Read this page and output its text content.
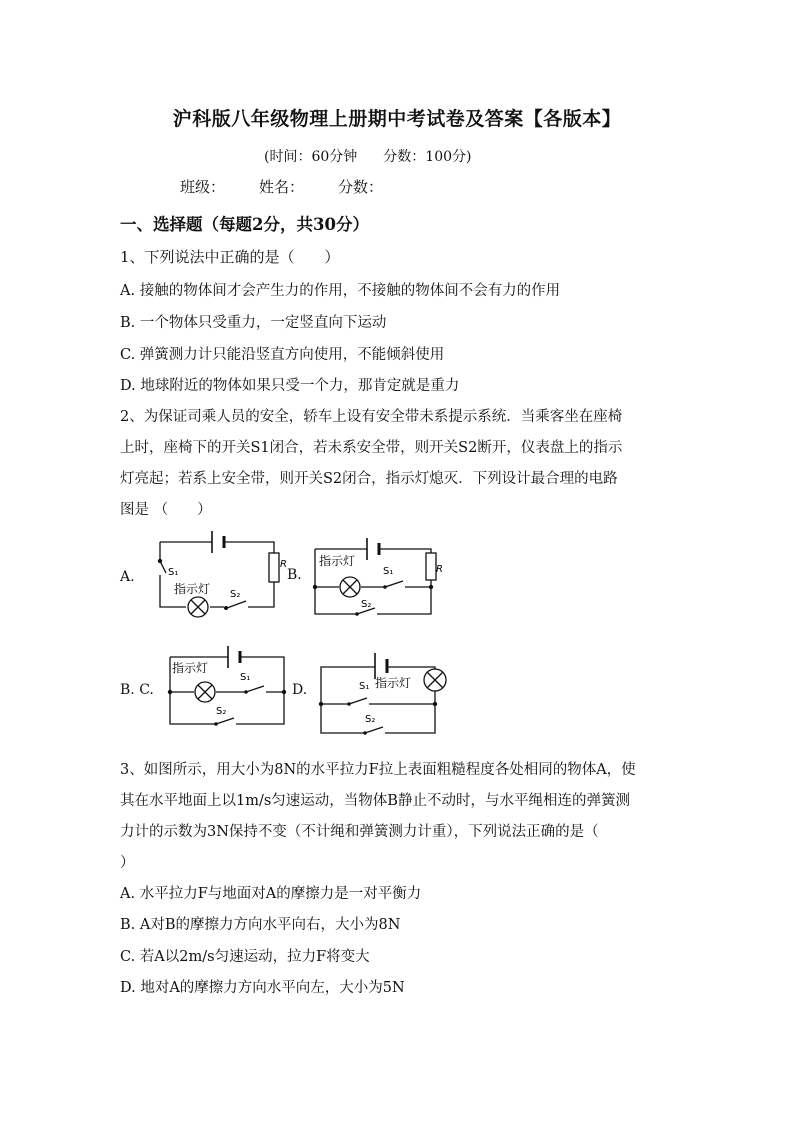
沪科版八年级物理上册期中考试卷及答案【各版本】
(时间：60分钟 分数：100分)
班级： 姓名： 分数：
一、选择题（每题2分，共30分）
1、下列说法中正确的是（　　）
A. 接触的物体间才会产生力的作用，不接触的物体间不会有力的作用
B. 一个物体只受重力，一定竖直向下运动
C. 弹簧测力计只能沿竖直方向使用，不能倾斜使用
D. 地球附近的物体如果只受一个力，那肯定就是重力
2、为保证司乘人员的安全，轿车上设有安全带未系提示系统．当乘客坐在座椅
上时，座椅下的开关S1闭合，若未系安全带，则开关S2断开，仪表盘上的指示
灯亮起；若系上安全带，则开关S2闭合，指示灯熄灭．下列设计最合理的电路
图是 （　　）
A.	B.
B. C.	D.
S₁
R
指示灯 S₂
指示灯
S₁
S₂
R
指示灯
S₁
S₂
S₁ 指示灯
S₂
3、如图所示，用大小为8N的水平拉力F拉上表面粗糙程度各处相同的物体A，使
其在水平地面上以1m/s匀速运动，当物体B静止不动时，与水平绳相连的弹簧测
力计的示数为3N保持不变（不计绳和弹簧测力计重），下列说法正确的是（
）
A. 水平拉力F与地面对A的摩擦力是一对平衡力
B. A对B的摩擦力方向水平向右，大小为8N
C. 若A以2m/s匀速运动，拉力F将变大
D. 地对A的摩擦力方向水平向左，大小为5N
